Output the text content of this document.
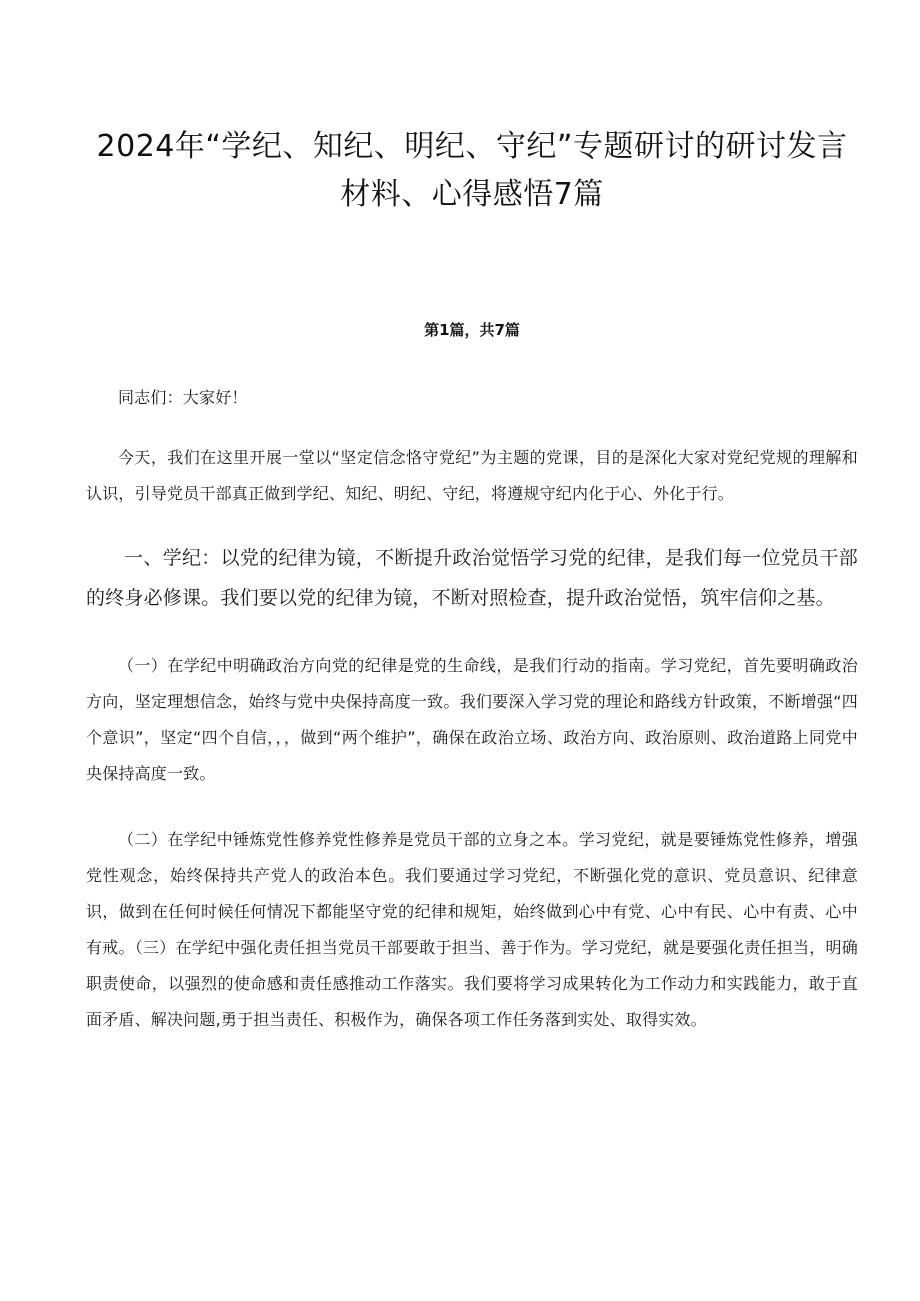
2024年“学纪、知纪、明纪、守纪”专题研讨的研讨发言材料、心得感悟7篇
第1篇，共7篇

同志们：大家好！

今天，我们在这里开展一堂以“坚定信念恪守党纪”为主题的党课，目的是深化大家对党纪党规的理解和认识，引导党员干部真正做到学纪、知纪、明纪、守纪，将遵规守纪内化于心、外化于行。

一、学纪：以党的纪律为镜，不断提升政治觉悟学习党的纪律，是我们每一位党员干部的终身必修课。我们要以党的纪律为镜，不断对照检查，提升政治觉悟，筑牢信仰之基。

（一）在学纪中明确政治方向党的纪律是党的生命线，是我们行动的指南。学习党纪，首先要明确政治方向，坚定理想信念，始终与党中央保持高度一致。我们要深入学习党的理论和路线方针政策，不断增强“四个意识”，坚定“四个自信，，，做到“两个维护”，确保在政治立场、政治方向、政治原则、政治道路上同党中央保持高度一致。

（二）在学纪中锤炼党性修养党性修养是党员干部的立身之本。学习党纪，就是要锤炼党性修养，增强党性观念，始终保持共产党人的政治本色。我们要通过学习党纪，不断强化党的意识、党员意识、纪律意识，做到在任何时候任何情况下都能坚守党的纪律和规矩，始终做到心中有党、心中有民、心中有责、心中有戒。（三）在学纪中强化责任担当党员干部要敢于担当、善于作为。学习党纪，就是要强化责任担当，明确职责使命，以强烈的使命感和责任感推动工作落实。我们要将学习成果转化为工作动力和实践能力，敢于直面矛盾、解决问题,勇于担当责任、积极作为，确保各项工作任务落到实处、取得实效。
